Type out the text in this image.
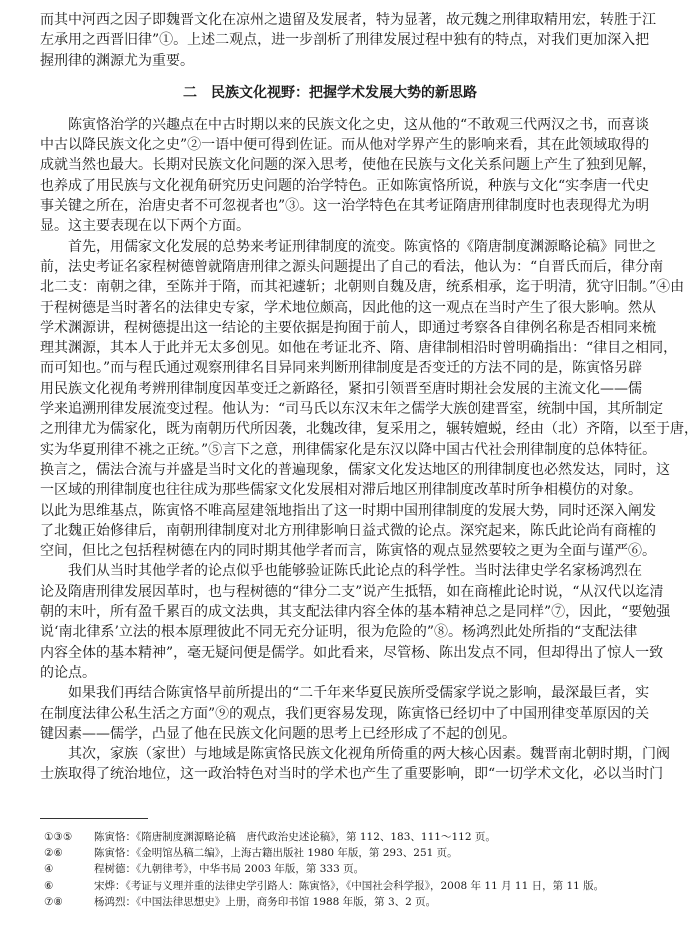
而其中河西之因子即魏晋文化在凉州之遗留及发展者，特为显著，故元魏之刑律取精用宏，转胜于江
左承用之西晋旧律”①。上述二观点，进一步剖析了刑律发展过程中独有的特点，对我们更加深入把
握刑律的渊源尤为重要。
二　民族文化视野：把握学术发展大势的新思路
陈寅恪治学的兴趣点在中古时期以来的民族文化之史，这从他的“不敢观三代两汉之书，而喜谈
中古以降民族文化之史”②一语中便可得到佐证。而从他对学界产生的影响来看，其在此领域取得的
成就当然也最大。长期对民族文化问题的深入思考，使他在民族与文化关系问题上产生了独到见解，
也养成了用民族与文化视角研究历史问题的治学特色。正如陈寅恪所说，种族与文化“实李唐一代史
事关键之所在，治唐史者不可忽视者也”③。这一治学特色在其考证隋唐刑律制度时也表现得尤为明
显。这主要表现在以下两个方面。
首先，用儒家文化发展的总势来考证刑律制度的流变。陈寅恪的《隋唐制度渊源略论稿》同世之
前，法史考证名家程树德曾就隋唐刑律之源头问题提出了自己的看法，他认为：“自晋氏而后，律分南
北二支：南朝之律，至陈并于隋，而其祀遽斩；北朝则自魏及唐，统系相承，迄于明清，犹守旧制。”④由
于程树德是当时著名的法律史专家，学术地位颇高，因此他的这一观点在当时产生了很大影响。然从
学术渊源讲，程树德提出这一结论的主要依据是拘囿于前人，即通过考察各自律例名称是否相同来梳
理其渊源，其本人于此并无太多创见。如他在考证北齐、隋、唐律制相沿时曾明确指出：“律目之相同，
而可知也。”而与程氏通过观察刑律名目异同来判断刑律制度是否变迁的方法不同的是，陈寅恪另辟
用民族文化视角考辨刑律制度因革变迁之新路径，紧扣引领晋至唐时期社会发展的主流文化——儒
学来追溯刑律发展流变过程。他认为：“司马氏以东汉末年之儒学大族创建晋室，统制中国，其所制定
之刑律尤为儒家化，既为南朝历代所因袭，北魏改律，复采用之，辗转嬗蜕，经由（北）齐隋，以至于唐，
实为华夏刑律不祧之正统。”⑤言下之意，刑律儒家化是东汉以降中国古代社会刑律制度的总体特征。
换言之，儒法合流与并盛是当时文化的普遍现象，儒家文化发达地区的刑律制度也必然发达，同时，这
一区域的刑律制度也往往成为那些儒家文化发展相对滞后地区刑律制度改革时所争相模仿的对象。
以此为思维基点，陈寅恪不唯高屋建瓴地指出了这一时期中国刑律制度的发展大势，同时还深入阐发
了北魏正始修律后，南朝刑律制度对北方刑律影响日益式微的论点。深究起来，陈氏此论尚有商榷的
空间，但比之包括程树德在内的同时期其他学者而言，陈寅恪的观点显然要较之更为全面与谨严⑥。
我们从当时其他学者的论点似乎也能够验证陈氏此论点的科学性。当时法律史学名家杨鸿烈在
论及隋唐刑律发展因革时，也与程树德的“律分二支”说产生抵牾，如在商榷此论时说，“从汉代以迄清
朝的末叶，所有盈千累百的成文法典，其支配法律内容全体的基本精神总之是同样”⑦，因此，“要勉强
说‘南北律系’立法的根本原理彼此不同无充分证明，很为危险的”⑧。杨鸿烈此处所指的“支配法律
内容全体的基本精神”，毫无疑问便是儒学。如此看来，尽管杨、陈出发点不同，但却得出了惊人一致
的论点。
如果我们再结合陈寅恪早前所提出的“二千年来华夏民族所受儒家学说之影响，最深最巨者，实
在制度法律公私生活之方面”⑨的观点，我们更容易发现，陈寅恪已经切中了中国刑律变革原因的关
键因素——儒学，凸显了他在民族文化问题的思考上已经形成了不起的创见。
其次，家族（家世）与地域是陈寅恪民族文化视角所倚重的两大核心因素。魏晋南北朝时期，门阀
士族取得了统治地位，这一政治特色对当时的学术也产生了重要影响，即“一切学术文化，必以当时门
①③⑤ 陈寅恪：《隋唐制度渊源略论稿　唐代政治史述论稿》，第 112、183、111～112 页。
②⑥	陈寅恪：《金明馆丛稿二编》，上海古籍出版社 1980 年版，第 293、251 页。
④	程树德：《九朝律考》，中华书局 2003 年版，第 333 页。
⑥	宋烨：《考证与义理并重的法律史学引路人：陈寅恪》，《中国社会科学报》，2008 年 11 月 11 日，第 11 版。
⑦⑧	杨鸿烈：《中国法律思想史》上册，商务印书馆 1988 年版，第 3、2 页。
